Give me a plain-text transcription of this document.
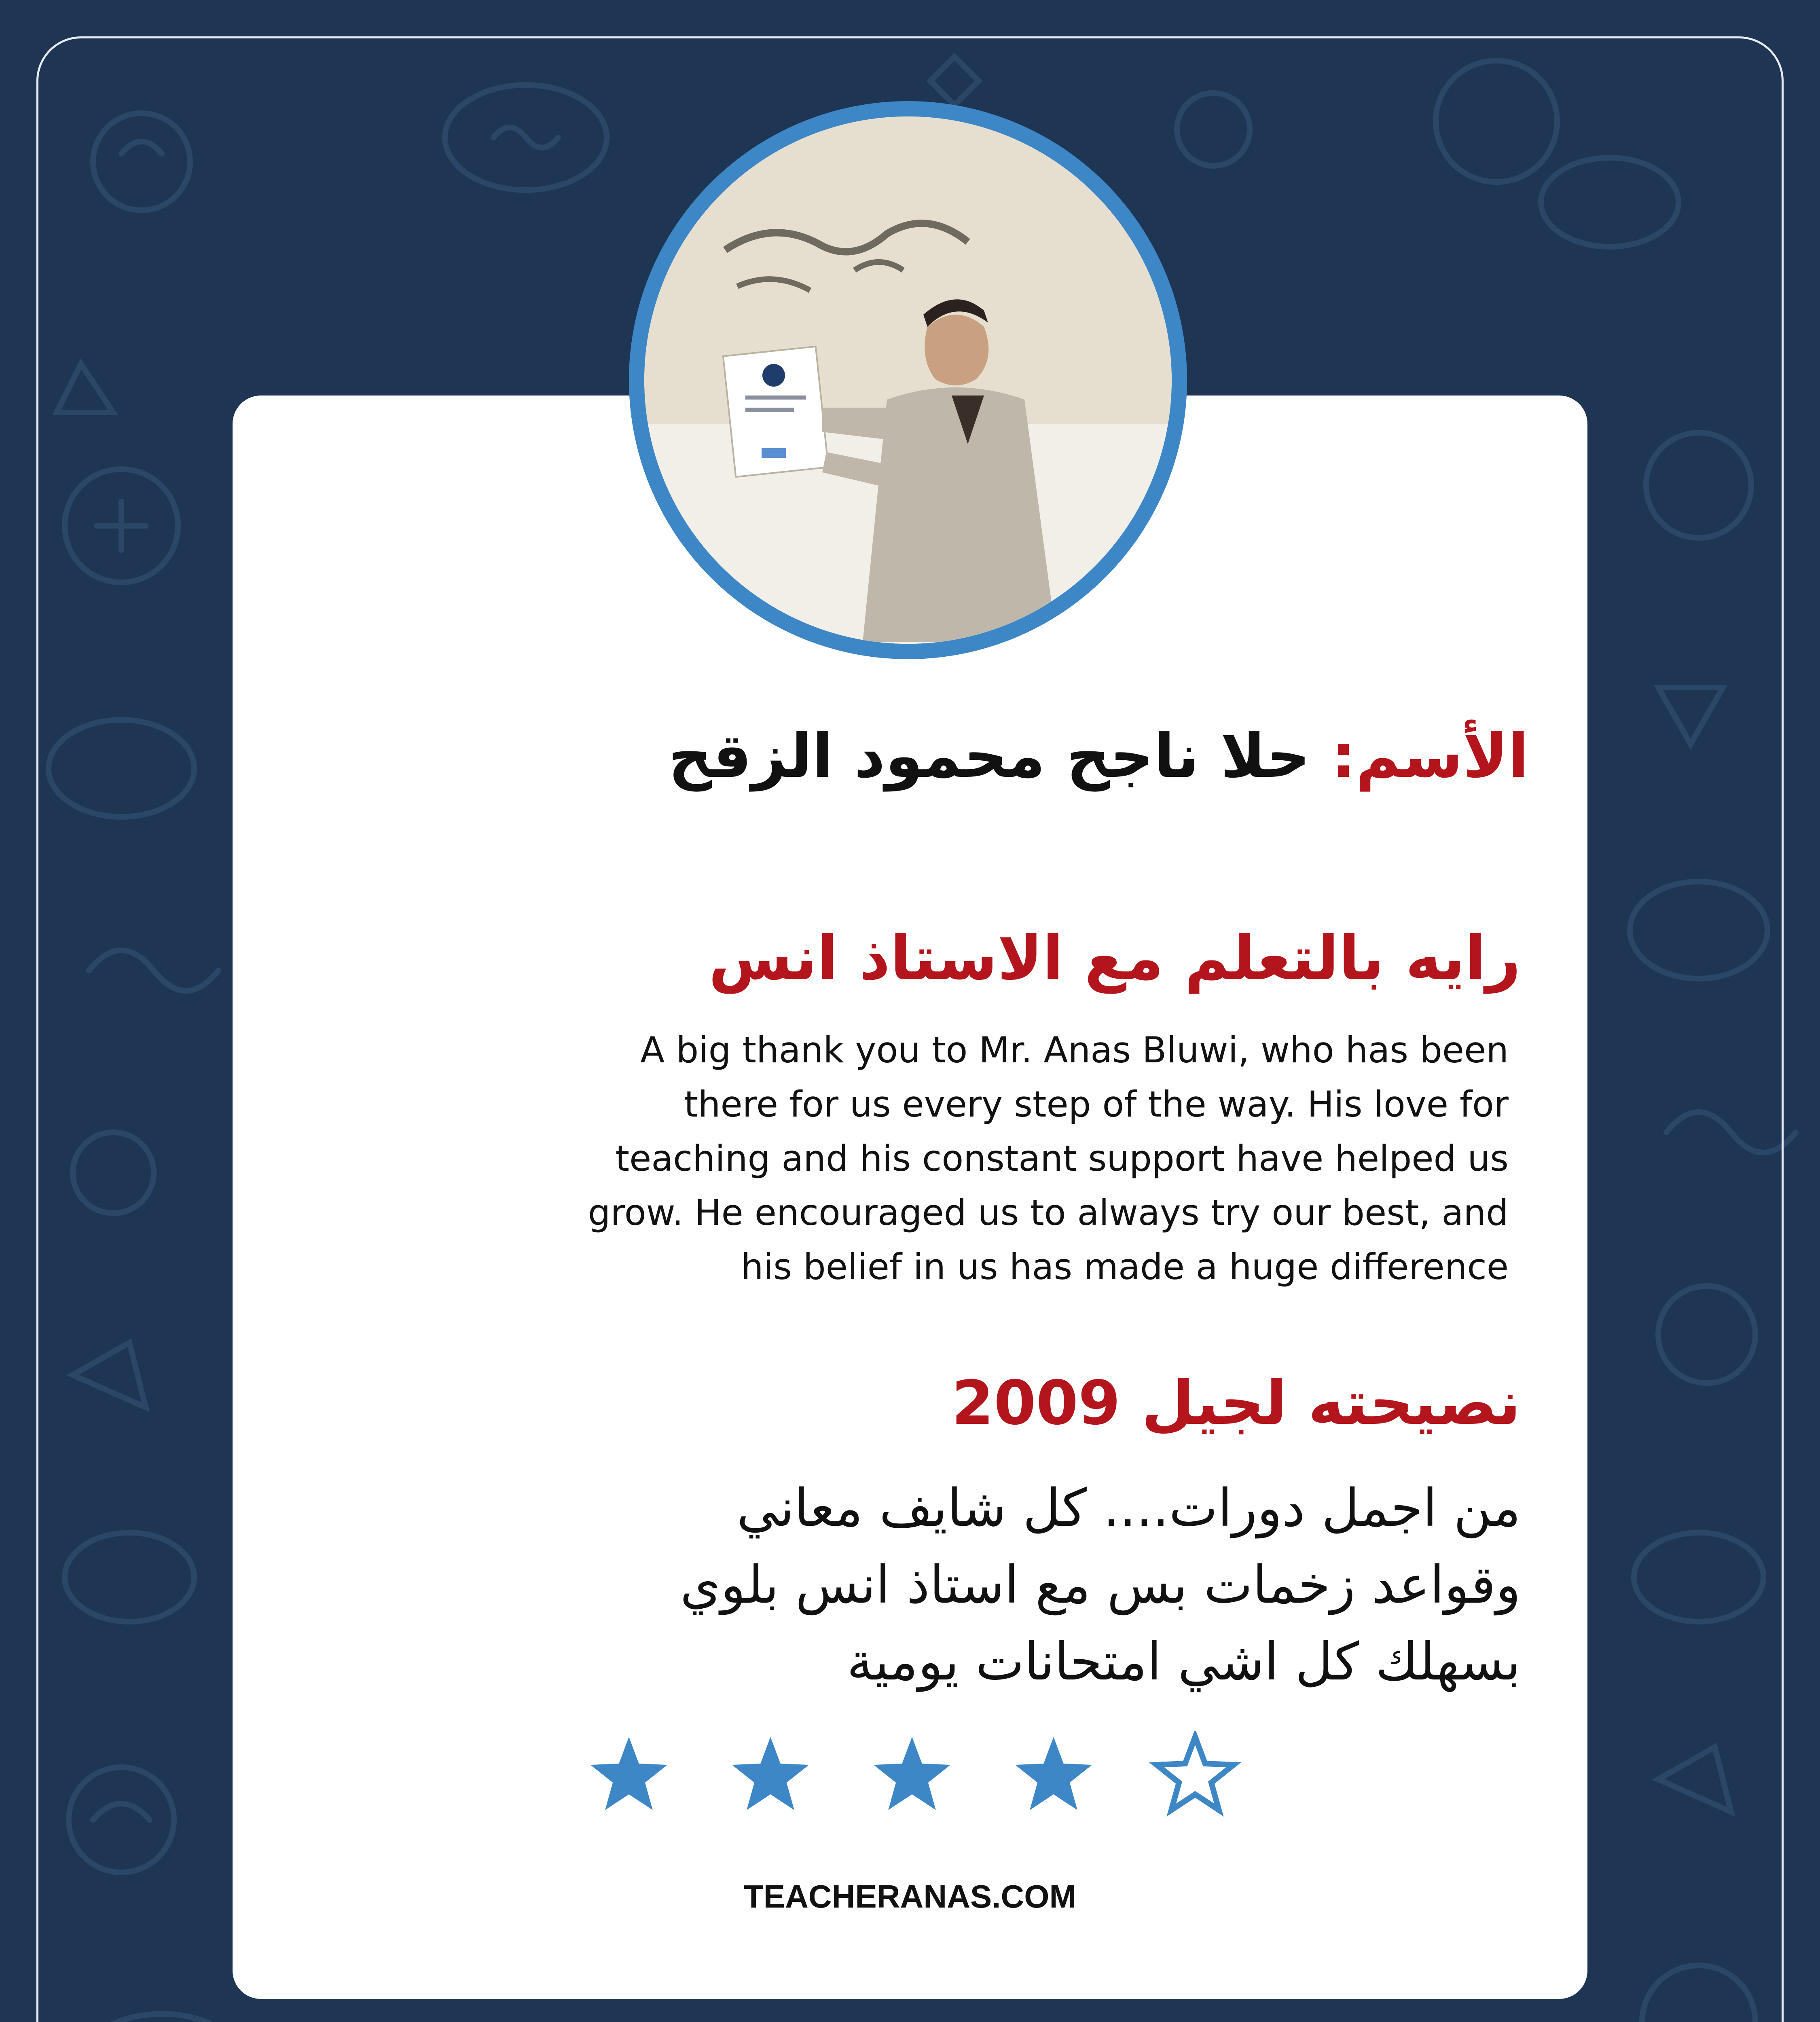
الأسم: حلا ناجح محمود الزقح
رايه بالتعلم مع الاستاذ انس
A big thank you to Mr. Anas Bluwi, who has been
there for us every step of the way. His love for
teaching and his constant support have helped us
grow. He encouraged us to always try our best, and
his belief in us has made a huge difference
نصيحته لجيل 2009
من اجمل دورات.... كل شايف معاني
وقواعد زخمات بس مع استاذ انس بلوي
بسهلك كل اشي امتحانات يومية
TEACHERANAS.COM
